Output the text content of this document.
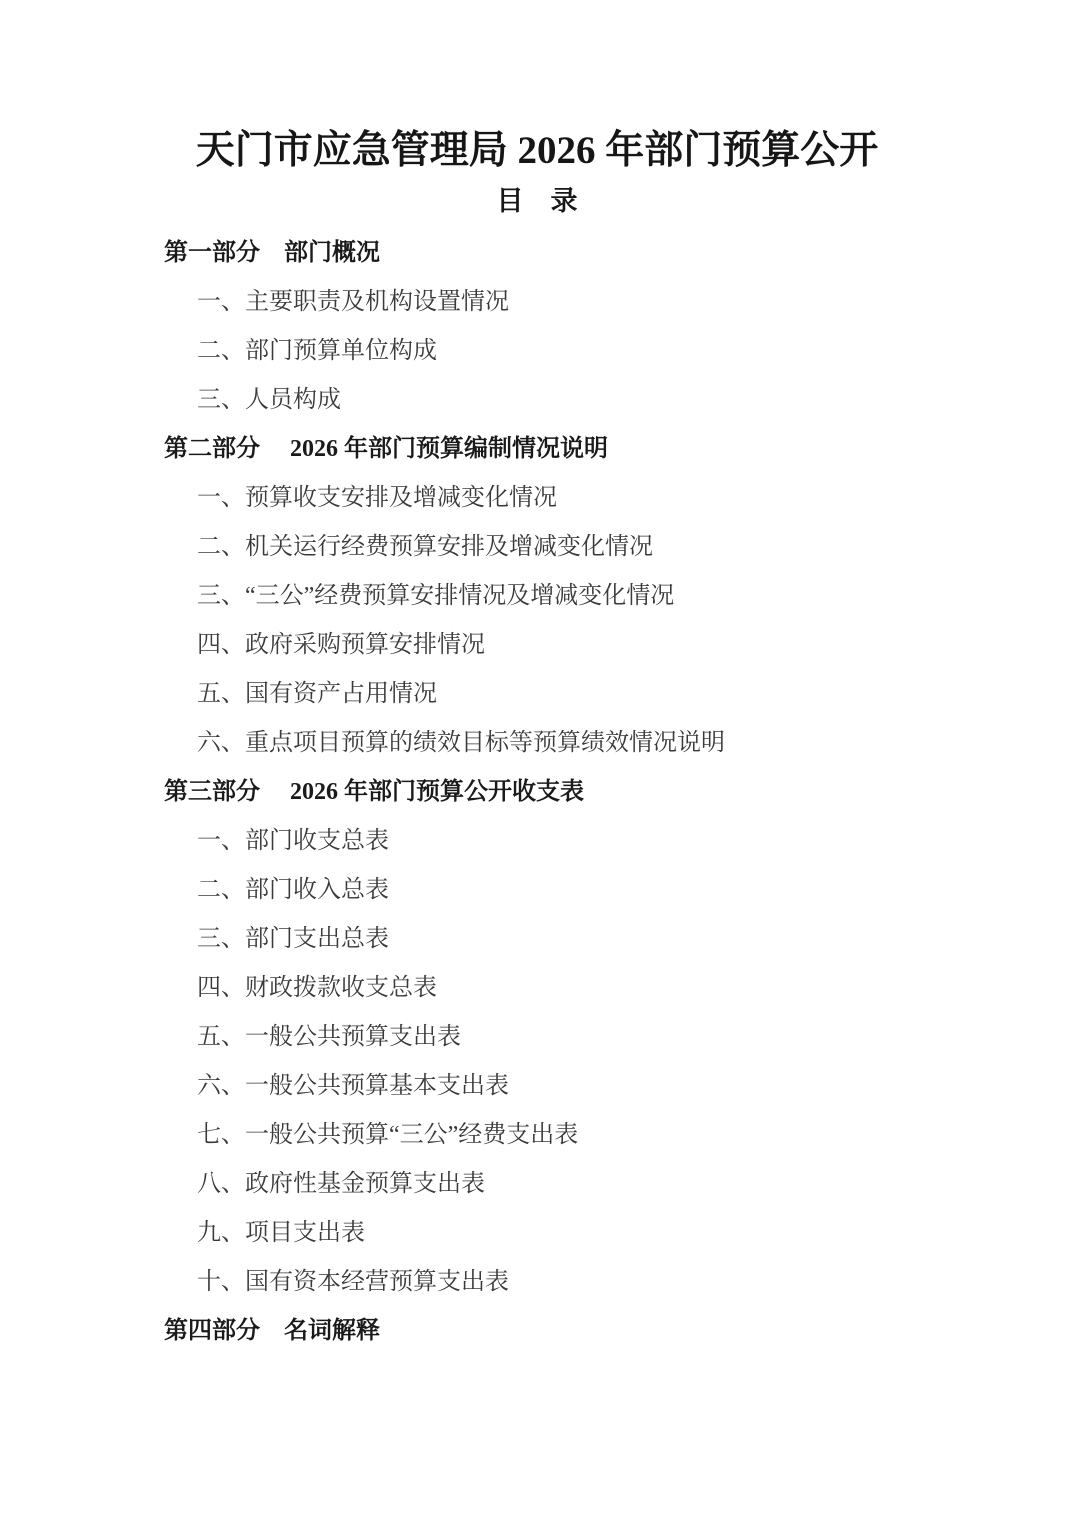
天门市应急管理局 2026 年部门预算公开
目　录
第一部分　部门概况
一、主要职责及机构设置情况
二、部门预算单位构成
三、人员构成
第二部分　 2026 年部门预算编制情况说明
一、预算收支安排及增减变化情况
二、机关运行经费预算安排及增减变化情况
三、“三公”经费预算安排情况及增减变化情况
四、政府采购预算安排情况
五、国有资产占用情况
六、重点项目预算的绩效目标等预算绩效情况说明
第三部分　 2026 年部门预算公开收支表
一、部门收支总表
二、部门收入总表
三、部门支出总表
四、财政拨款收支总表
五、一般公共预算支出表
六、一般公共预算基本支出表
七、一般公共预算“三公”经费支出表
八、政府性基金预算支出表
九、项目支出表
十、国有资本经营预算支出表
第四部分　名词解释
